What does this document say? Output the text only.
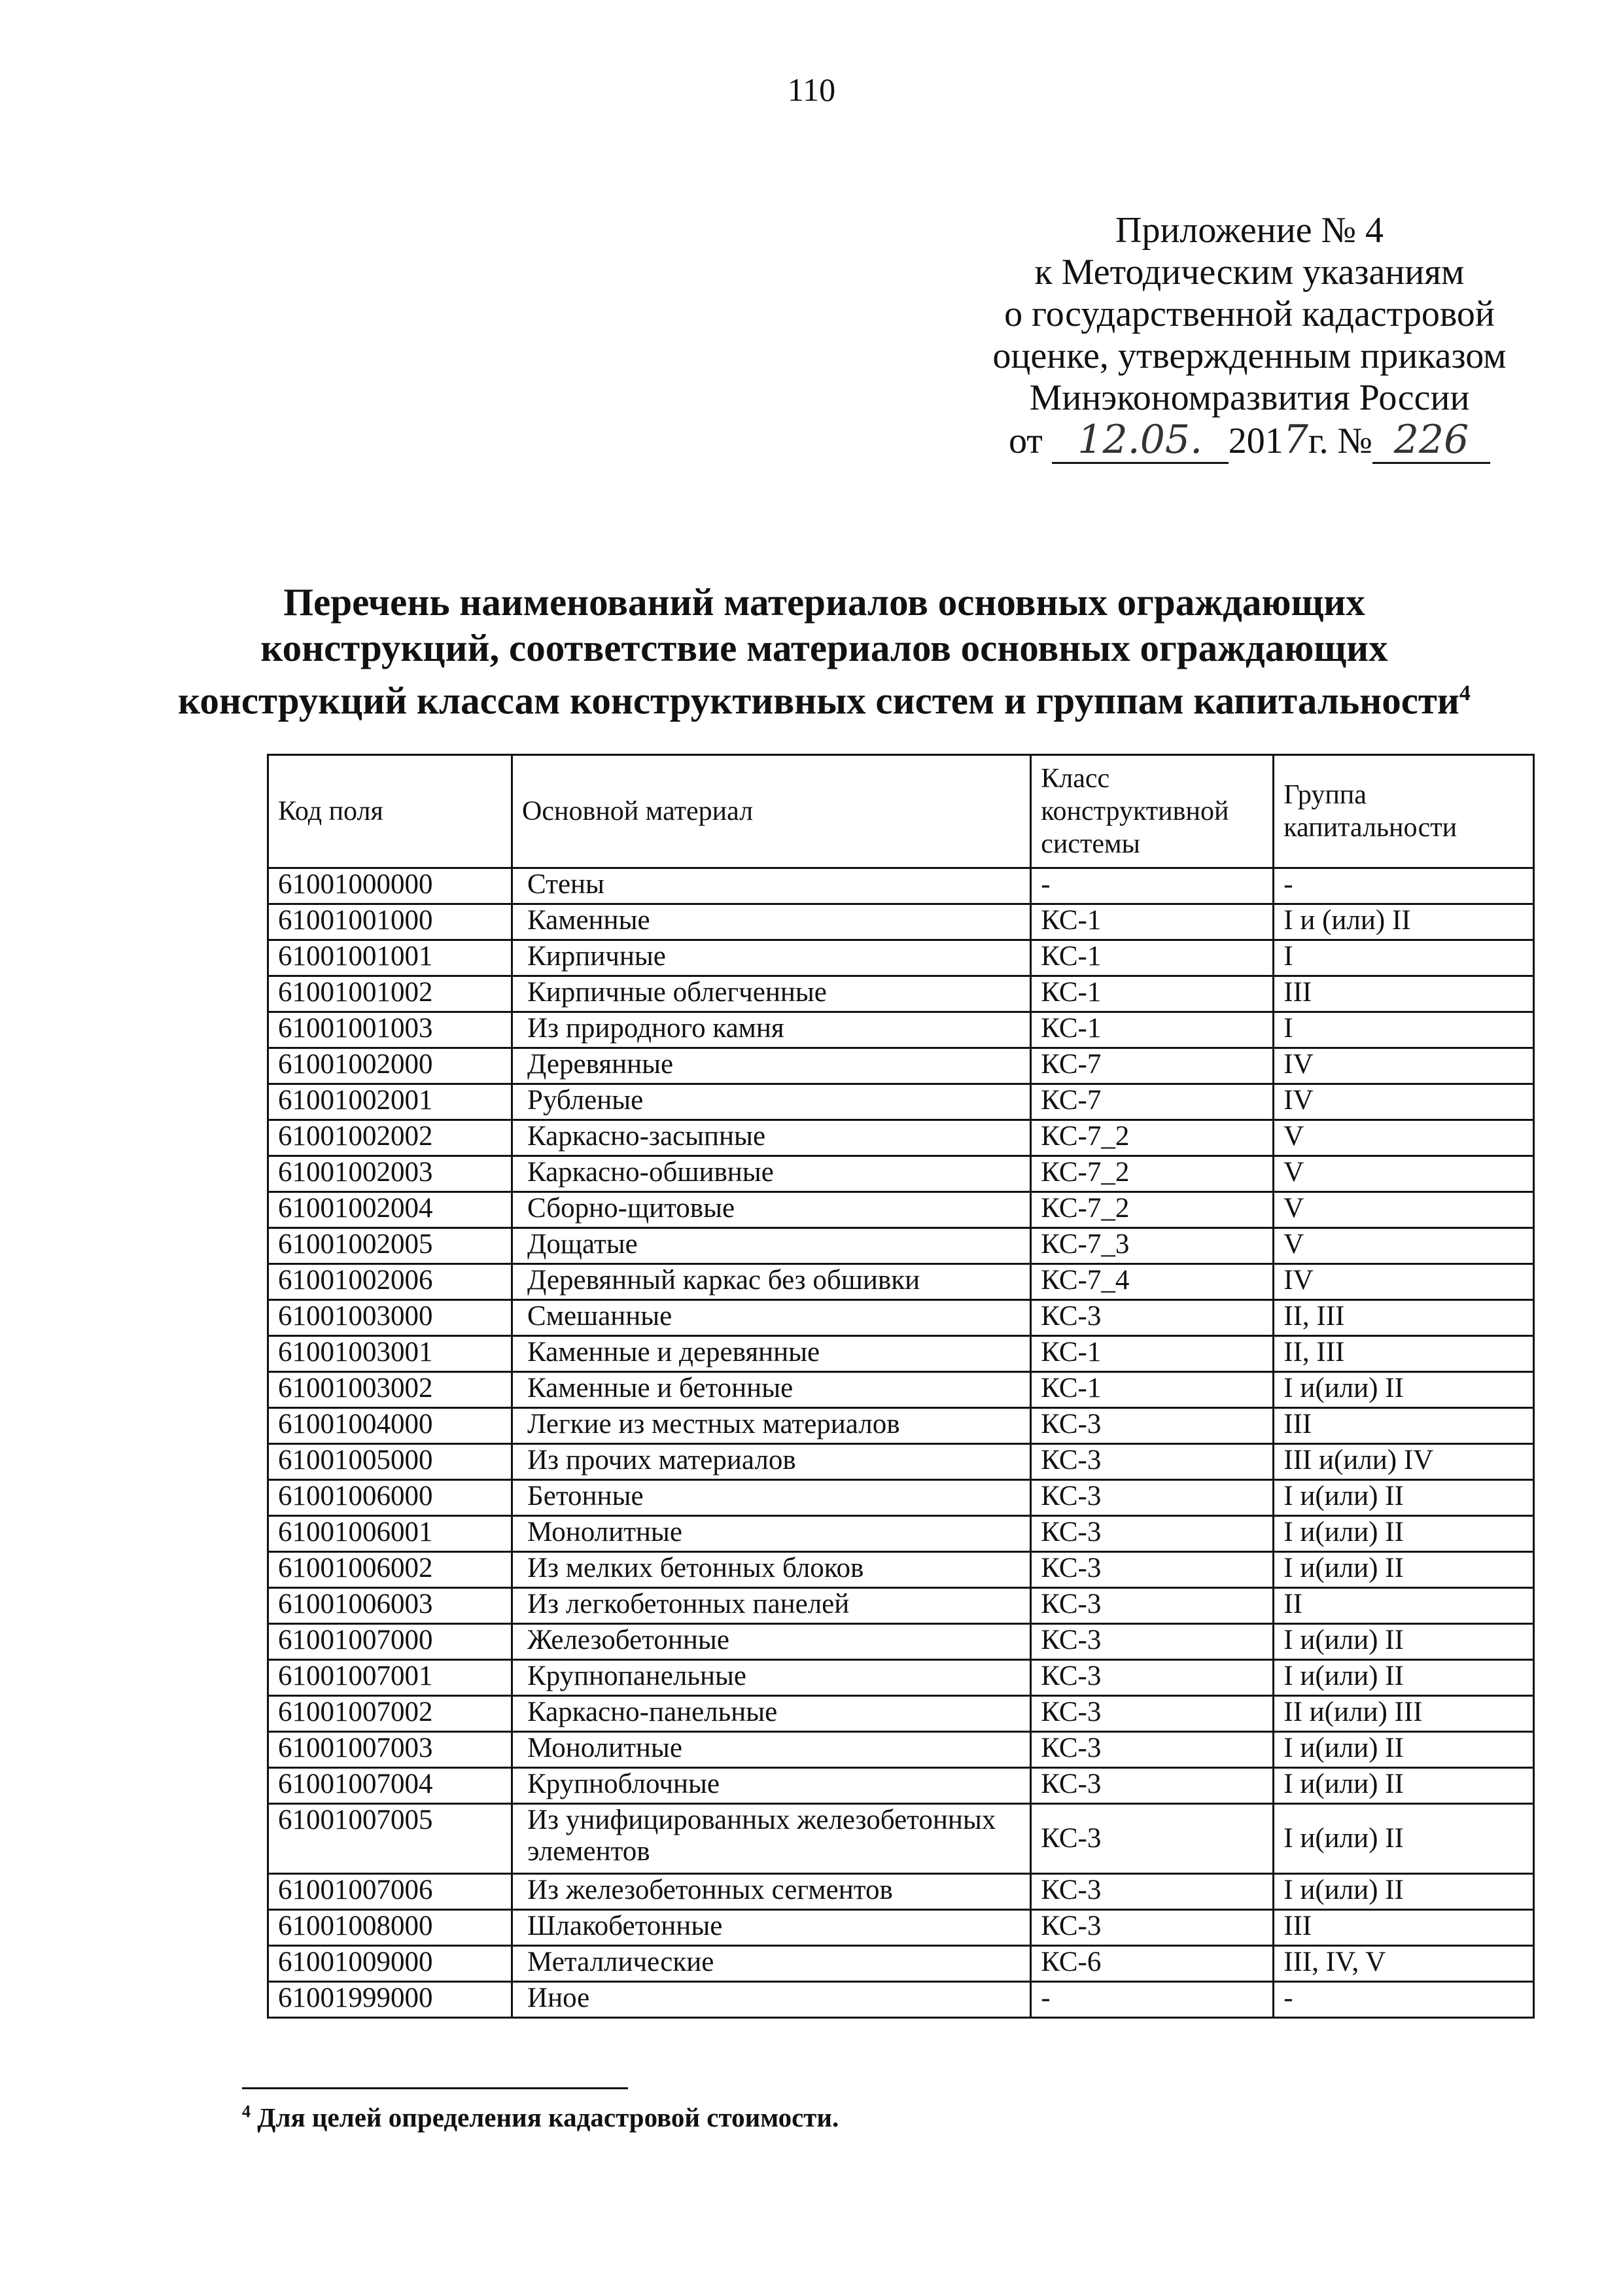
110
Приложение № 4
к Методическим указаниям
о государственной кадастровой
оценке, утвержденным приказом
Минэкономразвития России
от 12.05. 2017г. № 226
Перечень наименований материалов основных ограждающих
конструкций, соответствие материалов основных ограждающих
конструкций классам конструктивных систем и группам капитальности$^4$
Код поля	Основной материал	Класс конструктивной системы	Группа капитальности
61001000000	Стены	-	-
61001001000	Каменные	КС-1	I и (или) II
61001001001	Кирпичные	КС-1	I
61001001002	Кирпичные облегченные	КС-1	III
61001001003	Из природного камня	КС-1	I
61001002000	Деревянные	КС-7	IV
61001002001	Рубленые	КС-7	IV
61001002002	Каркасно-засыпные	КС-7_2	V
61001002003	Каркасно-обшивные	КС-7_2	V
61001002004	Сборно-щитовые	КС-7_2	V
61001002005	Дощатые	КС-7_3	V
61001002006	Деревянный каркас без обшивки	КС-7_4	IV
61001003000	Смешанные	КС-3	II, III
61001003001	Каменные и деревянные	КС-1	II, III
61001003002	Каменные и бетонные	КС-1	I и(или) II
61001004000	Легкие из местных материалов	КС-3	III
61001005000	Из прочих материалов	КС-3	III и(или) IV
61001006000	Бетонные	КС-3	I и(или) II
61001006001	Монолитные	КС-3	I и(или) II
61001006002	Из мелких бетонных блоков	КС-3	I и(или) II
61001006003	Из легкобетонных панелей	КС-3	II
61001007000	Железобетонные	КС-3	I и(или) II
61001007001	Крупнопанельные	КС-3	I и(или) II
61001007002	Каркасно-панельные	КС-3	II и(или) III
61001007003	Монолитные	КС-3	I и(или) II
61001007004	Крупноблочные	КС-3	I и(или) II
61001007005	Из унифицированных железобетонных элементов	КС-3	I и(или) II
61001007006	Из железобетонных сегментов	КС-3	I и(или) II
61001008000	Шлакобетонные	КС-3	III
61001009000	Металлические	КС-6	III, IV, V
61001999000	Иное	-	-
$^4$ Для целей определения кадастровой стоимости.
